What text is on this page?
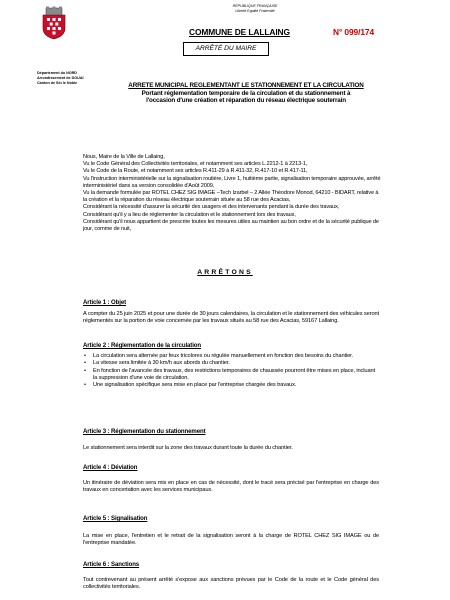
RÉPUBLIQUE FRANÇAISE
Liberté Egalité Fraternité
COMMUNE DE LALLAING	N° 099/174
ARRÊTÉ DU MAIRE
Département du NORD
Arrondissement de DOUAI
Canton de Sin le Noble	ARRETE MUNICIPAL REGLEMENTANT LE STATIONNEMENT ET LA CIRCULATION
Portant réglementation temporaire de la circulation et du stationnement à
l'occasion d'une création et réparation du réseau électrique souterrain
Nous, Maire de la Ville de Lallaing,
Vu le Code Général des Collectivités territoriales, et notamment ses articles L.2212-1 à 2213-1,
Vu le Code de la Route, et notamment ses articles R.411-29 à R.411-32, R.417-10 et R.417-11,
Vu l'instruction interministérielle sur la signalisation routière, Livre 1, huitième partie, signalisation temporaire approuvée, arrêté interministériel dans sa version consolidée d'Août 2009,
Vu la demande formulée par ROTEL CHEZ SIG IMAGE –Tech Izarbel – 2 Allée Théodore Monod, 64210 - BIDART, relative à la création et la réparation du réseau électrique souterrain située au 58 rue des Acacias,
Considérant la nécessité d'assurer la sécurité des usagers et des intervenants pendant la durée des travaux,
Considérant qu'il y a lieu de réglementer la circulation et le stationnement lors des travaux,
Considérant qu'il nous appartient de prescrire toutes les mesures utiles au maintien au bon ordre et de la sécurité publique de jour, comme de nuit,
ARRÊTONS
Article 1 : Objet
A compter du 25 juin 2025 et pour une durée de 30 jours calendaires, la circulation et le stationnement des véhicules seront réglementés sur la portion de voie concernée par les travaux situés au 58 rue des Acacias, 59167 Lallaing.
Article 2 : Réglementation de la circulation
• La circulation sera alternée par feux tricolores ou régulée manuellement en fonction des besoins du chantier.
• La vitesse sera limitée à 30 km/h aux abords du chantier.
• En fonction de l'avancée des travaux, des restrictions temporaires de chaussée pourront être mises en place, incluant la suppression d'une voie de circulation.
• Une signalisation spécifique sera mise en place par l'entreprise chargée des travaux.
Article 3 : Réglementation du stationnement
Le stationnement sera interdit sur la zone des travaux durant toute la durée du chantier.
Article 4 : Déviation
Un itinéraire de déviation sera mis en place en cas de nécessité, dont le tracé sera précisé par l'entreprise en charge des travaux en concertation avec les services municipaux.
Article 5 : Signalisation
La mise en place, l'entretien et le retrait de la signalisation seront à la charge de ROTEL CHEZ SIG IMAGE ou de l'entreprise mandatée.
Article 6 : Sanctions
Tout contrevenant au présent arrêté s'expose aux sanctions prévues par le Code de la route et le Code général des collectivités territoriales.
